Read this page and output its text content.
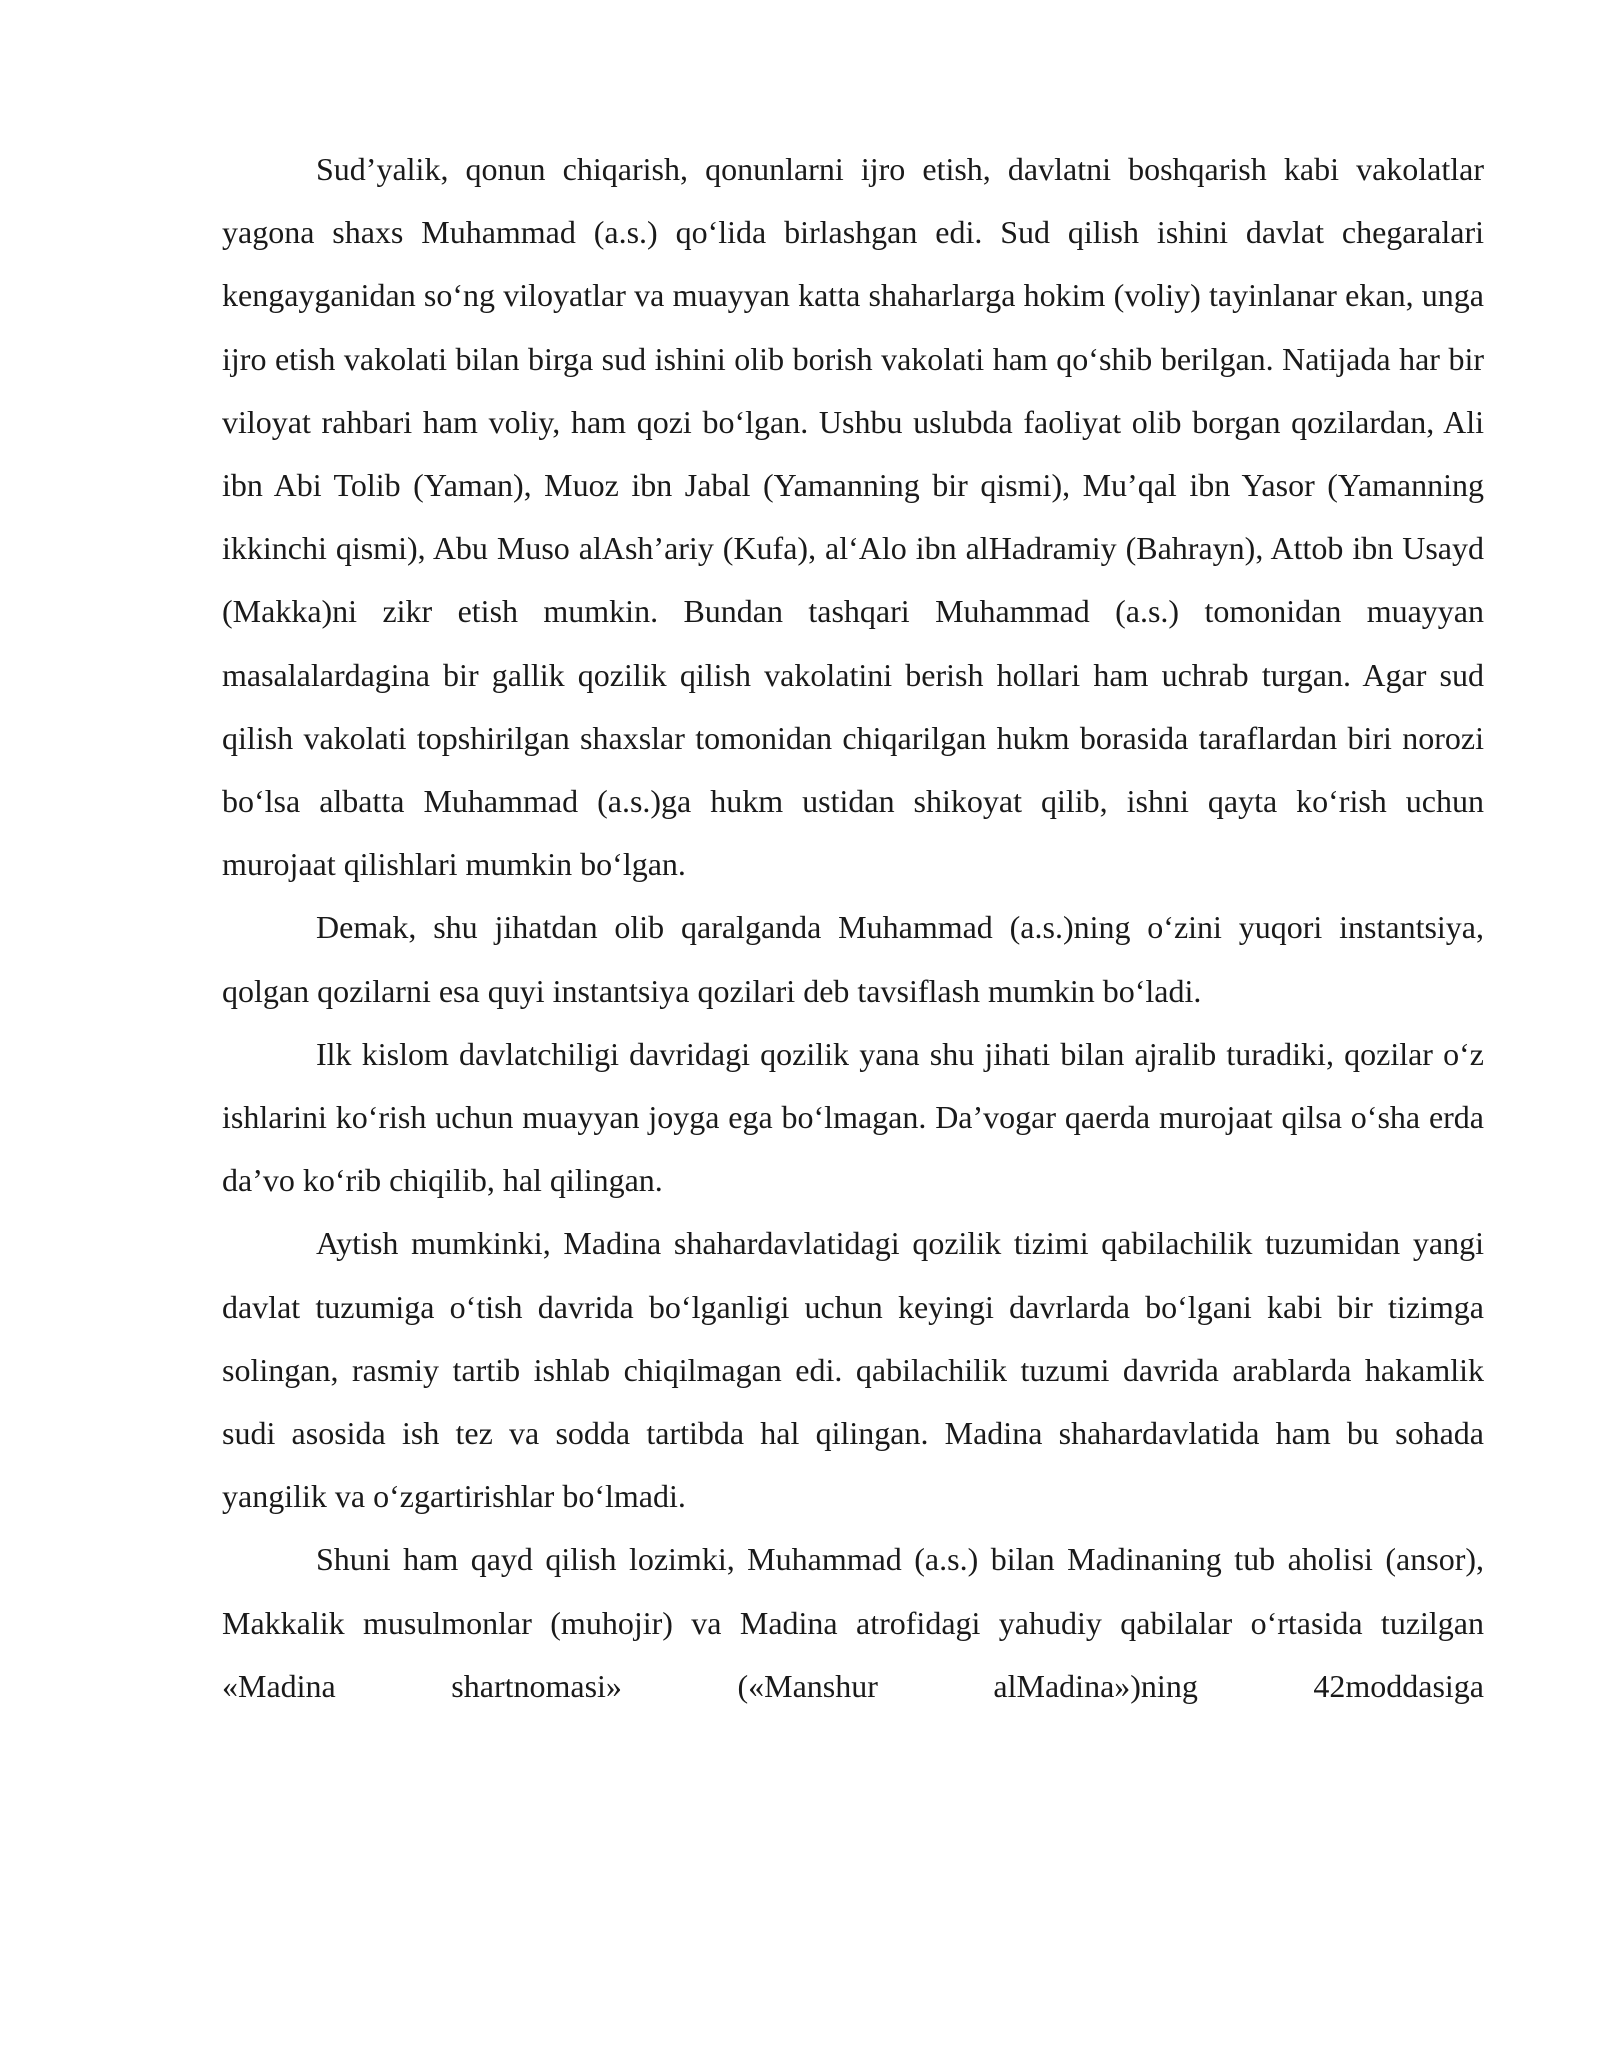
Sud’yalik, qonun chiqarish, qonunlarni ijro etish, davlatni boshqarish kabi vakolatlar yagona shaxs Muhammad (a.s.) qo‘lida birlashgan edi. Sud qilish ishini davlat chegaralari kengayganidan so‘ng viloyatlar va muayyan katta shaharlarga hokim (voliy) tayinlanar ekan, unga ijro etish vakolati bilan birga sud ishini olib borish vakolati ham qo‘shib berilgan. Natijada har bir viloyat rahbari ham voliy, ham qozi bo‘lgan. Ushbu uslubda faoliyat olib borgan qozilardan, Ali ibn Abi Tolib (Yaman), Muoz ibn Jabal (Yamanning bir qismi), Mu’qal ibn Yasor (Yamanning ikkinchi qismi), Abu Muso alAsh’ariy (Kufa), al‘Alo ibn alHadramiy (Bahrayn), Attob ibn Usayd (Makka)ni zikr etish mumkin. Bundan tashqari Muhammad (a.s.) tomonidan muayyan masalalardagina bir gallik qozilik qilish vakolatini berish hollari ham uchrab turgan. Agar sud qilish vakolati topshirilgan shaxslar tomonidan chiqarilgan hukm borasida taraflardan biri norozi bo‘lsa albatta Muhammad (a.s.)ga hukm ustidan shikoyat qilib, ishni qayta ko‘rish uchun murojaat qilishlari mumkin bo‘lgan.

Demak, shu jihatdan olib qaralganda Muhammad (a.s.)ning o‘zini yuqori instantsiya, qolgan qozilarni esa quyi instantsiya qozilari deb tavsiflash mumkin bo‘ladi.

Ilk kislom davlatchiligi davridagi qozilik yana shu jihati bilan ajralib turadiki, qozilar o‘z ishlarini ko‘rish uchun muayyan joyga ega bo‘lmagan. Da’vogar qaerda murojaat qilsa o‘sha erda da’vo ko‘rib chiqilib, hal qilingan.

Aytish mumkinki, Madina shahardavlatidagi qozilik tizimi qabilachilik tuzumidan yangi davlat tuzumiga o‘tish davrida bo‘lganligi uchun keyingi davrlarda bo‘lgani kabi bir tizimga solingan, rasmiy tartib ishlab chiqilmagan edi. qabilachilik tuzumi davrida arablarda hakamlik sudi asosida ish tez va sodda tartibda hal qilingan. Madina shahardavlatida ham bu sohada yangilik va o‘zgartirishlar bo‘lmadi.

Shuni ham qayd qilish lozimki, Muhammad (a.s.) bilan Madinaning tub aholisi (ansor), Makkalik musulmonlar (muhojir) va Madina atrofidagi yahudiy qabilalar o‘rtasida tuzilgan «Madina shartnomasi» («Manshur alMadina»)ning 42moddasiga
